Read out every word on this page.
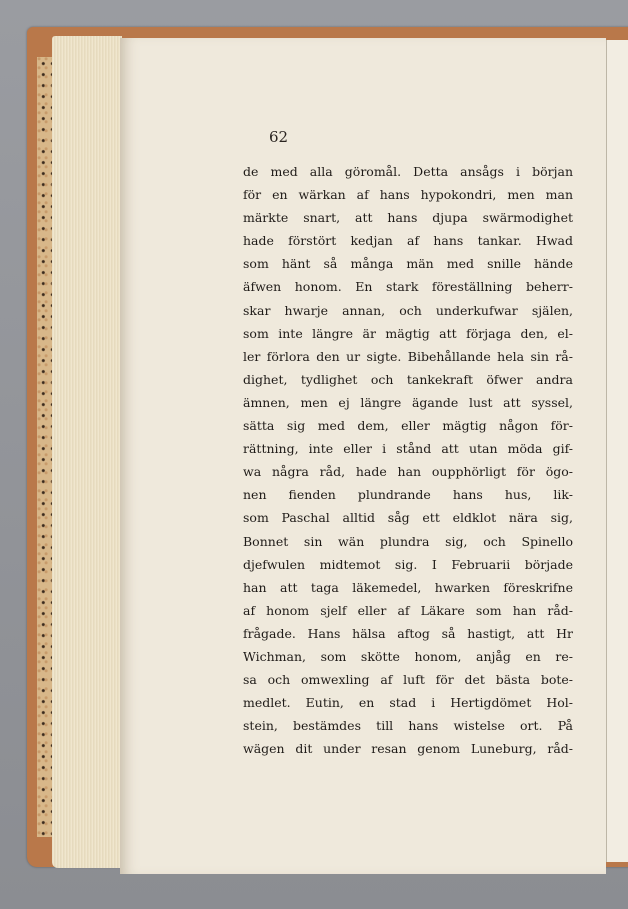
62
de med alla göromål. Detta ansågs i början
för en wärkan af hans hypokondri, men man
märkte snart, att hans djupa swärmodighet
hade förstört kedjan af hans tankar. Hwad
som hänt så många män med snille hände
äfwen honom. En stark föreställning beherr-
skar hwarje annan, och underkufwar själen,
som inte längre är mägtig att förjaga den, el-
ler förlora den ur sigte. Bibehållande hela sin rå-
dighet, tydlighet och tankekraft öfwer andra
ämnen, men ej längre ägande lust att syssel,
sätta sig med dem, eller mägtig någon för-
rättning, inte eller i stånd att utan möda gif-
wa några råd, hade han oupphörligt för ögo-
nen fienden plundrande hans hus, lik-
som Paschal alltid såg ett eldklot nära sig,
Bonnet sin wän plundra sig, och Spinello
djefwulen midtemot sig. I Februarii började
han att taga läkemedel, hwarken föreskrifne
af honom sjelf eller af Läkare som han råd-
frågade. Hans hälsa aftog så hastigt, att Hr
Wichman, som skötte honom, anjåg en re-
sa och omwexling af luft för det bästa bote-
medlet. Eutin, en stad i Hertigdömet Hol-
stein, bestämdes till hans wistelse ort. På
wägen dit under resan genom Luneburg, råd-
